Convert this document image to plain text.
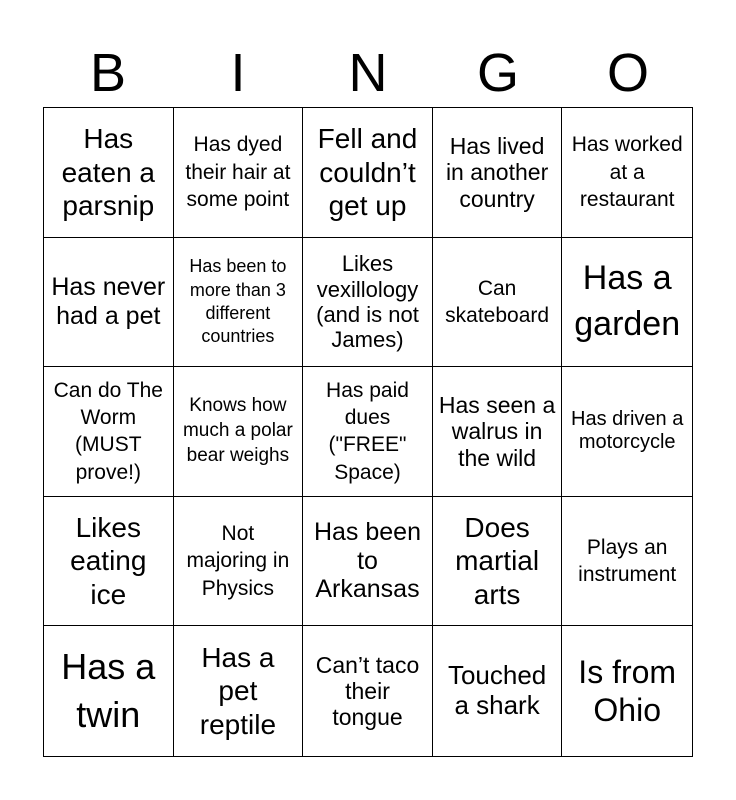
B	I	N	G	O
Has eaten a parsnip
Has dyed their hair at some point
Fell and couldn’t get up
Has lived in another country
Has worked at a restaurant
Has never had a pet
Has been to more than 3 different countries
Likes vexillology (and is not James)
Can skateboard
Has a garden
Can do The Worm (MUST prove!)
Knows how much a polar bear weighs
Has paid dues ("FREE" Space)
Has seen a walrus in the wild
Has driven a motorcycle
Likes eating ice
Not majoring in Physics
Has been to Arkansas
Does martial arts
Plays an instrument
Has a twin
Has a pet reptile
Can’t taco their tongue
Touched a shark
Is from Ohio
